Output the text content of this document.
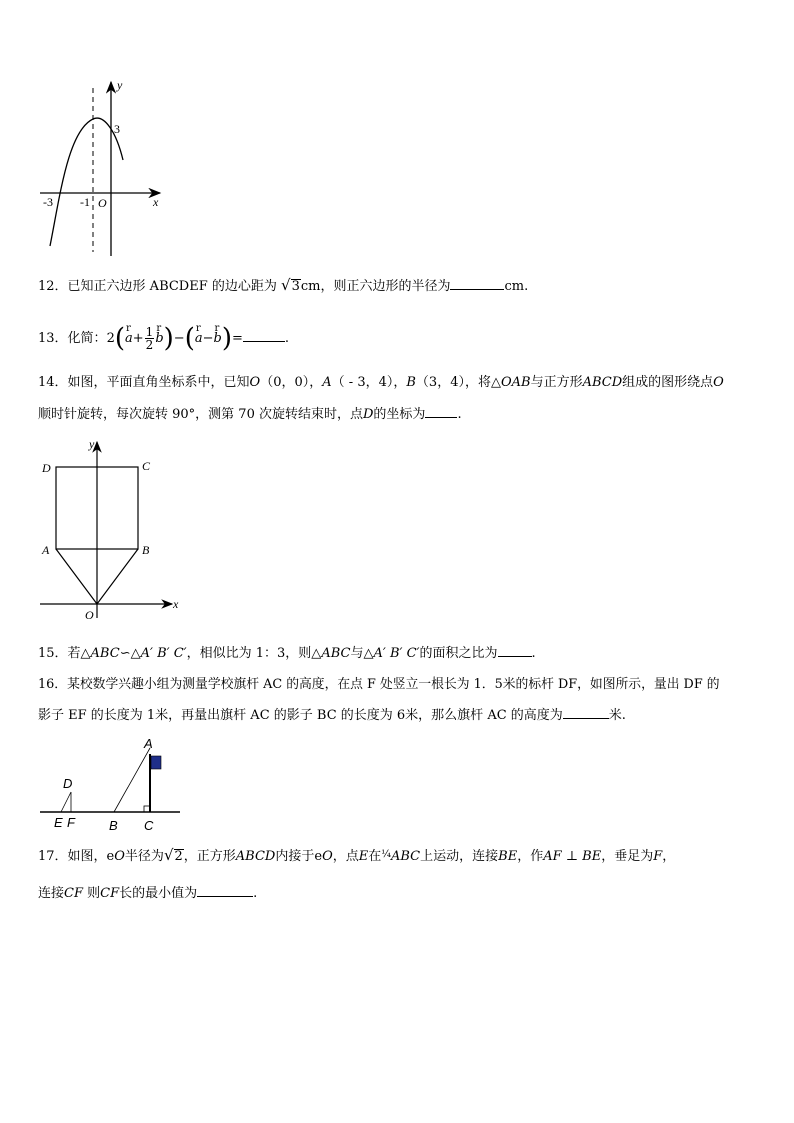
y
x
3
-3 -1 O
12．已知正六边形 ABCDEF 的边心距为 √3cm，则正六边形的半径为	cm.
13．化简：2(r $a+ \frac{1}{2}$
r b)−(r a−r b)=	.
14．如图，平面直角坐标系中，已知O（0，0），A（ - 3，4），B（3，4），将△OAB与正方形ABCD组成的图形绕点O
顺时针旋转，每次旋转 90°，测第 70 次旋转结束时，点D的坐标为 .
y
x
D	C
A	B
O
15．若△ABC∽△A′ B′ C′，相似比为 1：3，则△ABC与△A′ B′ C′的面积之比为	.
16．某校数学兴趣小组为测量学校旗杆 AC 的高度，在点 F 处竖立一根长为 1．5米的标杆 DF，如图所示，量出 DF 的
影子 EF 的长度为 1米，再量出旗杆 AC 的影子 BC 的长度为 6米，那么旗杆 AC 的高度为	米.
A
D
E F	B C
17．如图，eO半径为√2，正方形ABCD内接于eO，点E在$^{\frac{1}{4}}$ABC上运动，连接BE，作AF ⊥ BE，垂足为F，
连接CF 则CF长的最小值为	.
